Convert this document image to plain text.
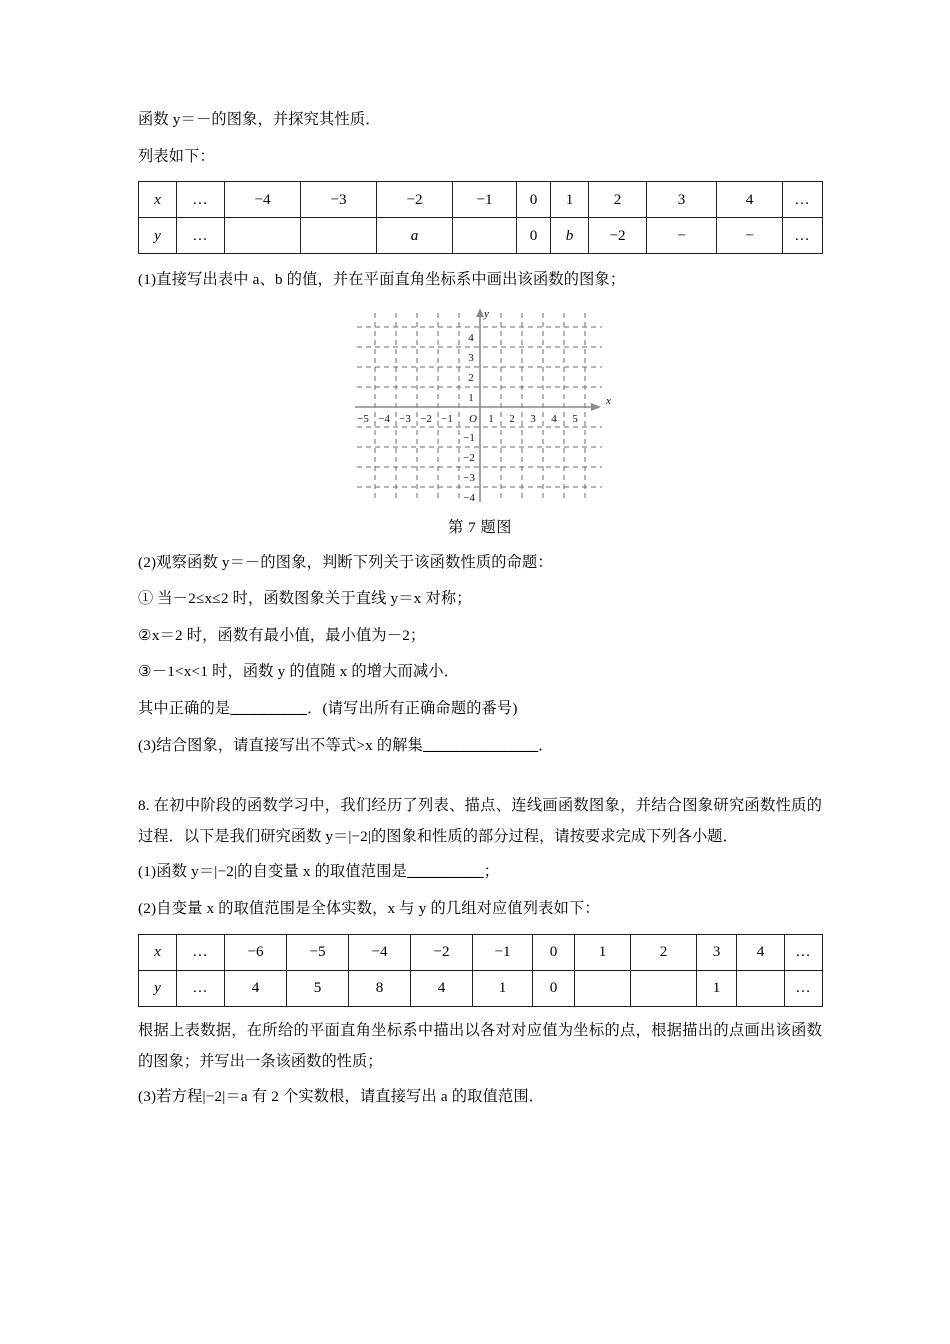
函数 y＝－的图象，并探究其性质．

列表如下：

x	…	−4	−3	−2	−1	0	1	2	3	4	…
y	…			a		0	b	−2	−	−	…

(1)直接写出表中 a、b 的值，并在平面直角坐标系中画出该函数的图象；

x
y
O
−5 −4 −3 −2 −1	1 2 3 4 5
4
3
2
1
−1
−2
−3
−4
第 7 题图

(2)观察函数 y＝－的图象，判断下列关于该函数性质的命题：

① 当－2≤x≤2 时，函数图象关于直线 y＝x 对称；

②x＝2 时，函数有最小值，最小值为－2；

③－1<x<1 时，函数 y 的值随 x 的增大而减小．

其中正确的是________．(请写出所有正确命题的番号)

(3)结合图象，请直接写出不等式>x 的解集____________．

8. 在初中阶段的函数学习中，我们经历了列表、描点、连线画函数图象，并结合图象研究函数性质的过程．以下是我们研究函数 y＝|−2|的图象和性质的部分过程，请按要求完成下列各小题．

(1)函数 y＝|−2|的自变量 x 的取值范围是________；

(2)自变量 x 的取值范围是全体实数，x 与 y 的几组对应值列表如下：

x	…	−6	−5	−4	−2	−1	0	1	2	3	4	…
y	…	4	5	8	4	1	0			1		…

根据上表数据，在所给的平面直角坐标系中描出以各对对应值为坐标的点，根据描出的点画出该函数的图象；并写出一条该函数的性质；

(3)若方程|−2|＝a 有 2 个实数根，请直接写出 a 的取值范围．
